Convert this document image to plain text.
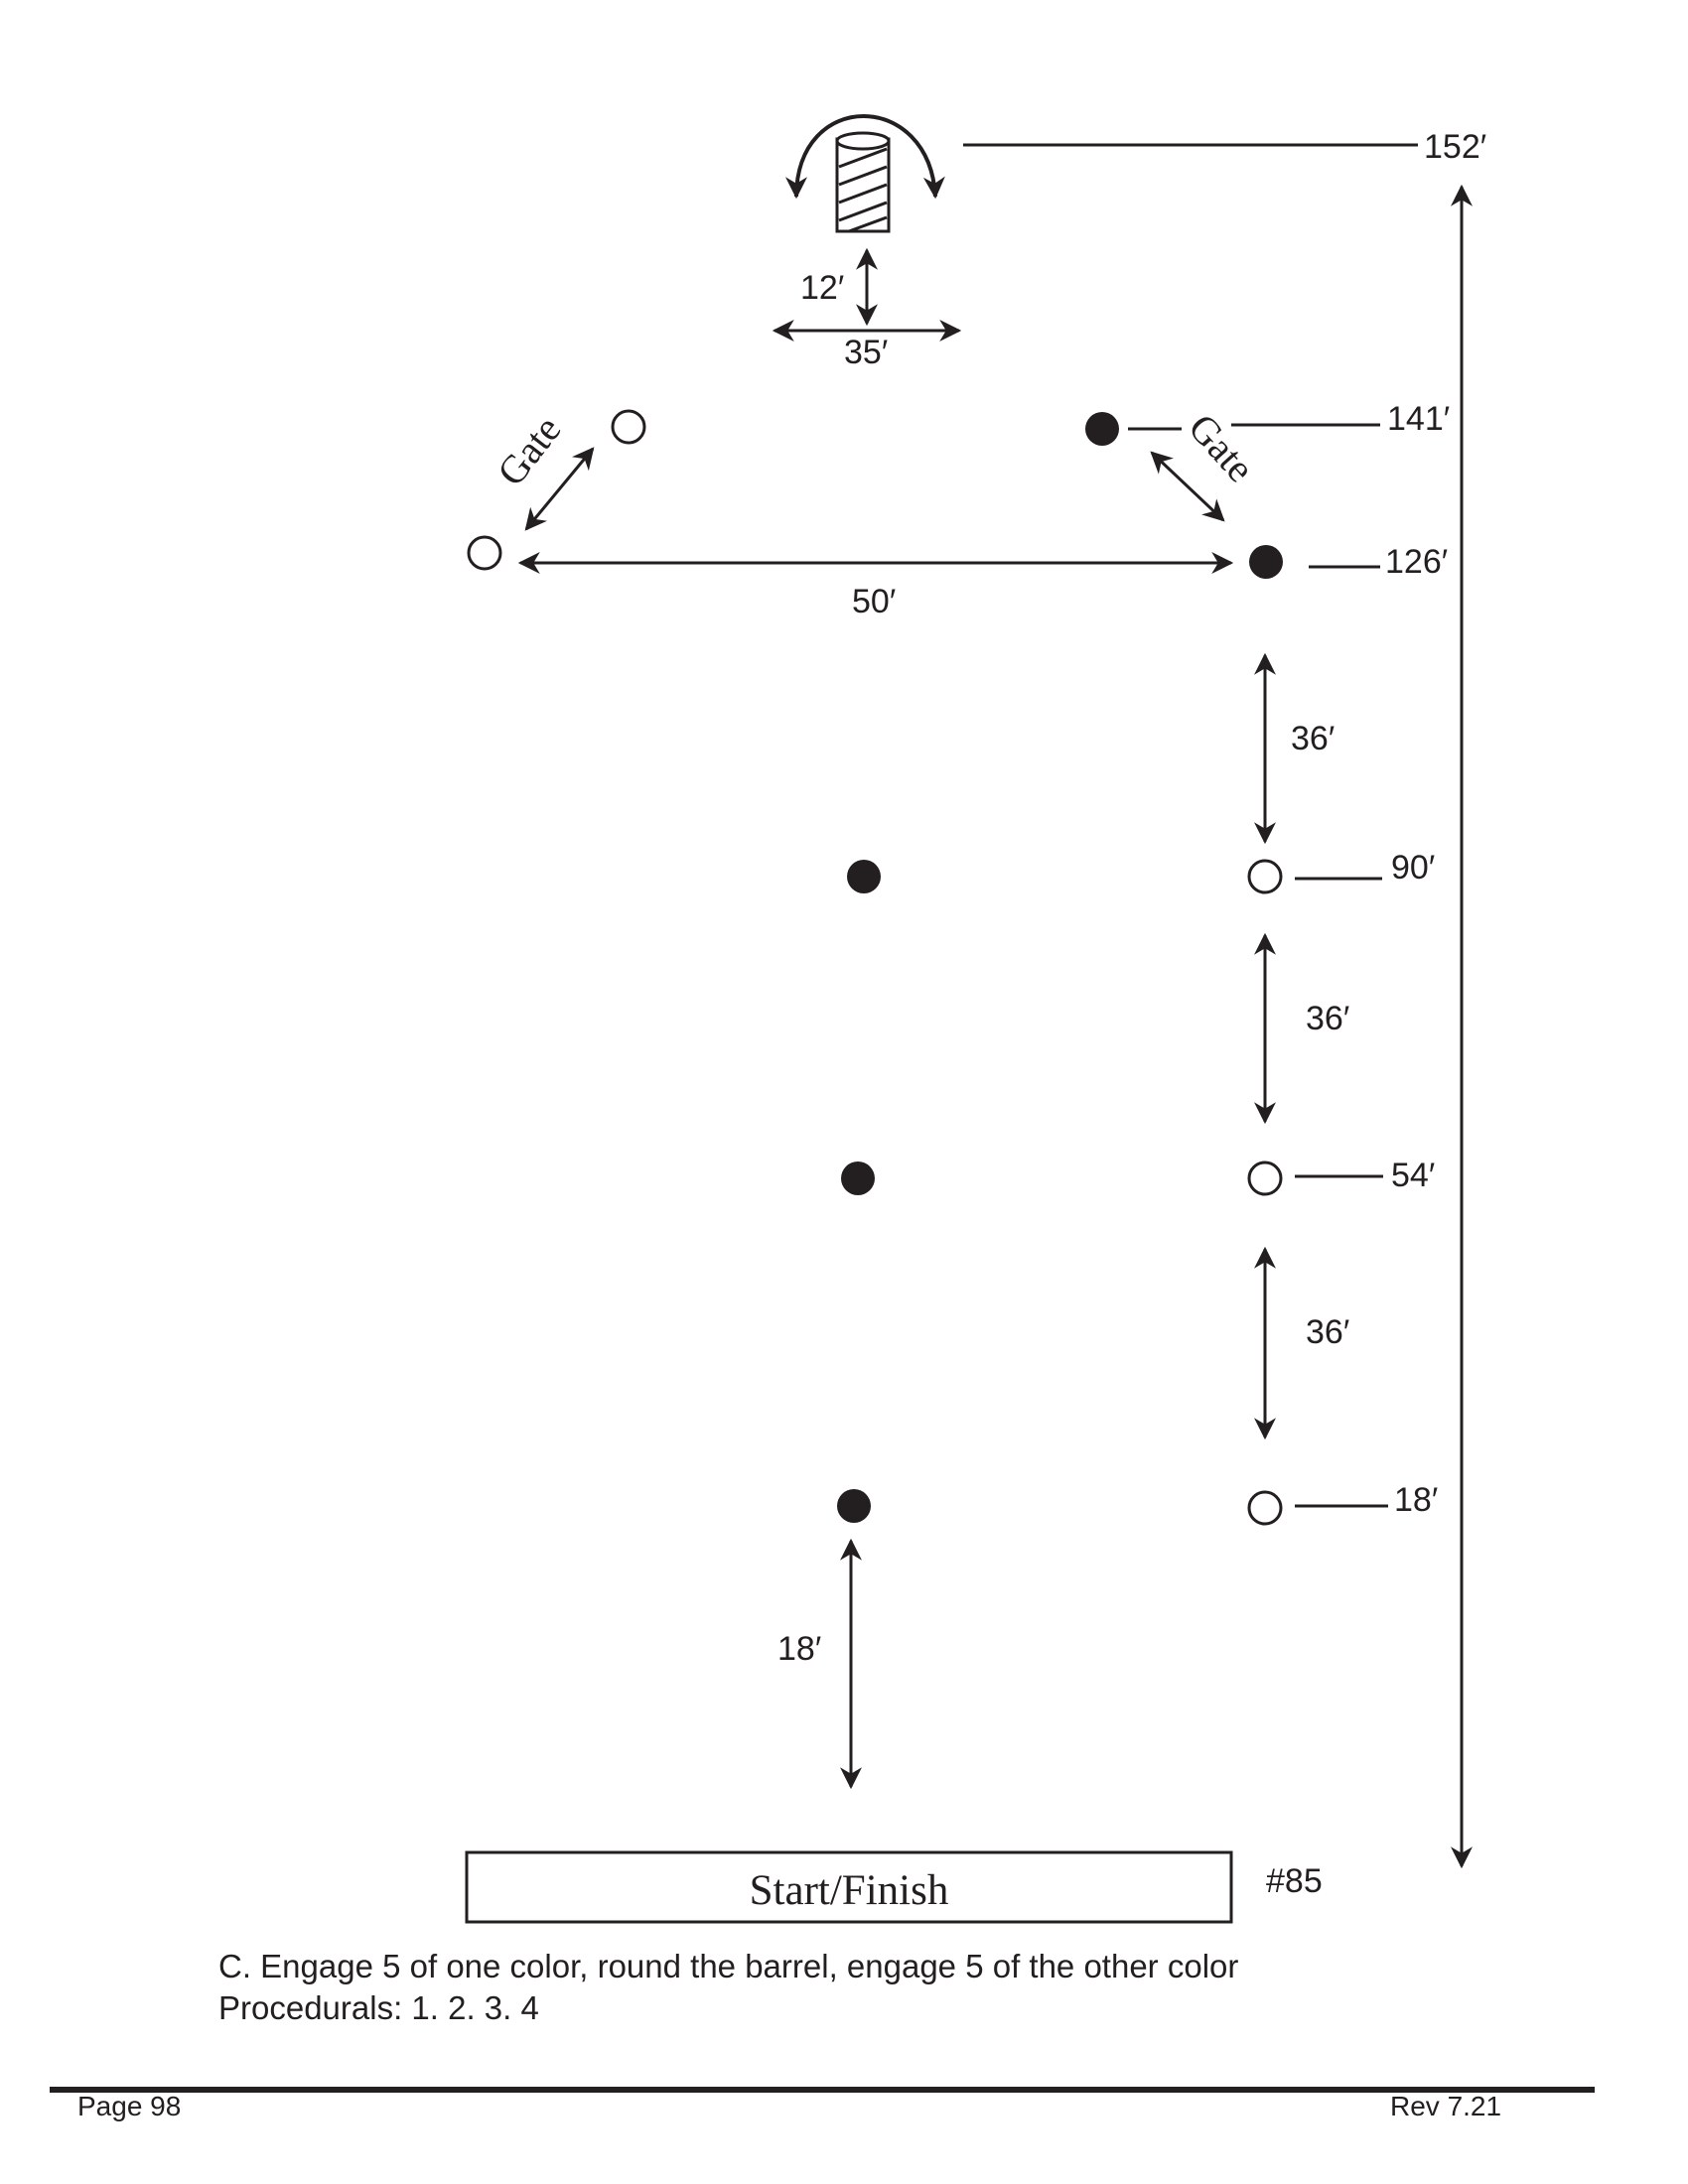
12′
35′
152′
Gate	141′
Gate
126′
50′
36′
90′
36′
54′
36′
18′
18′
Start/Finish	#85
C. Engage 5 of one color, round the barrel, engage 5 of the other color
Procedurals: 1. 2. 3. 4
Page 98	Rev 7.21
